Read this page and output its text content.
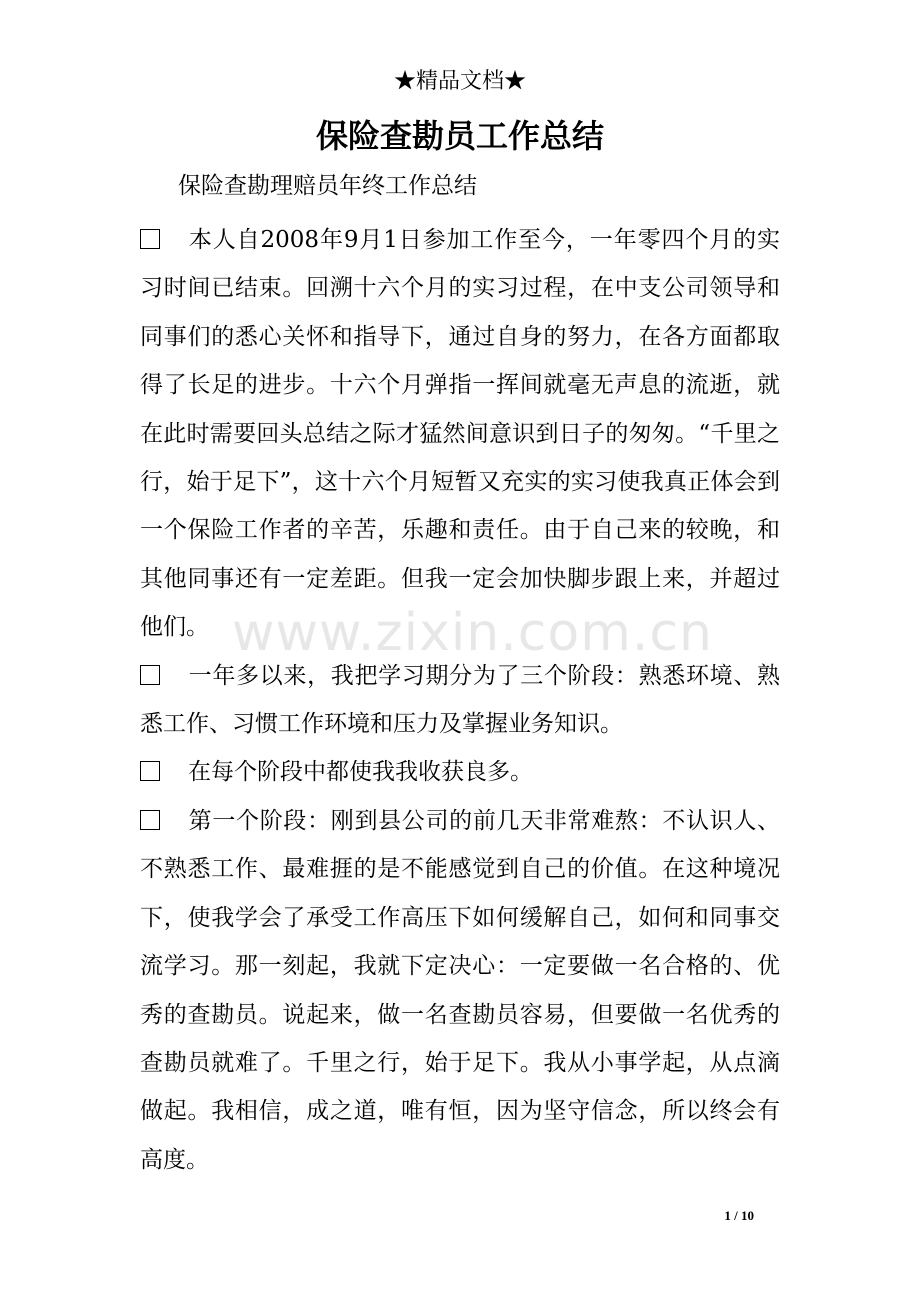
★精品文档★
保险查勘员工作总结
保险查勘理赔员年终工作总结

本人自2008年9月1日参加工作至今，一年零四个月的实习时间已结束。回溯十六个月的实习过程，在中支公司领导和同事们的悉心关怀和指导下，通过自身的努力，在各方面都取得了长足的进步。十六个月弹指一挥间就毫无声息的流逝，就在此时需要回头总结之际才猛然间意识到日子的匆匆。“千里之行，始于足下”，这十六个月短暂又充实的实习使我真正体会到一个保险工作者的辛苦，乐趣和责任。由于自己来的较晚，和其他同事还有一定差距。但我一定会加快脚步跟上来，并超过他们。

一年多以来，我把学习期分为了三个阶段：熟悉环境、熟悉工作、习惯工作环境和压力及掌握业务知识。

在每个阶段中都使我我收获良多。

第一个阶段：刚到县公司的前几天非常难熬：不认识人、不熟悉工作、最难捱的是不能感觉到自己的价值。在这种境况下，使我学会了承受工作高压下如何缓解自己，如何和同事交流学习。那一刻起，我就下定决心：一定要做一名合格的、优秀的查勘员。说起来，做一名查勘员容易，但要做一名优秀的查勘员就难了。千里之行，始于足下。我从小事学起，从点滴做起。我相信，成之道，唯有恒，因为坚守信念，所以终会有高度。

www.zixin.com.cn
1 / 10
